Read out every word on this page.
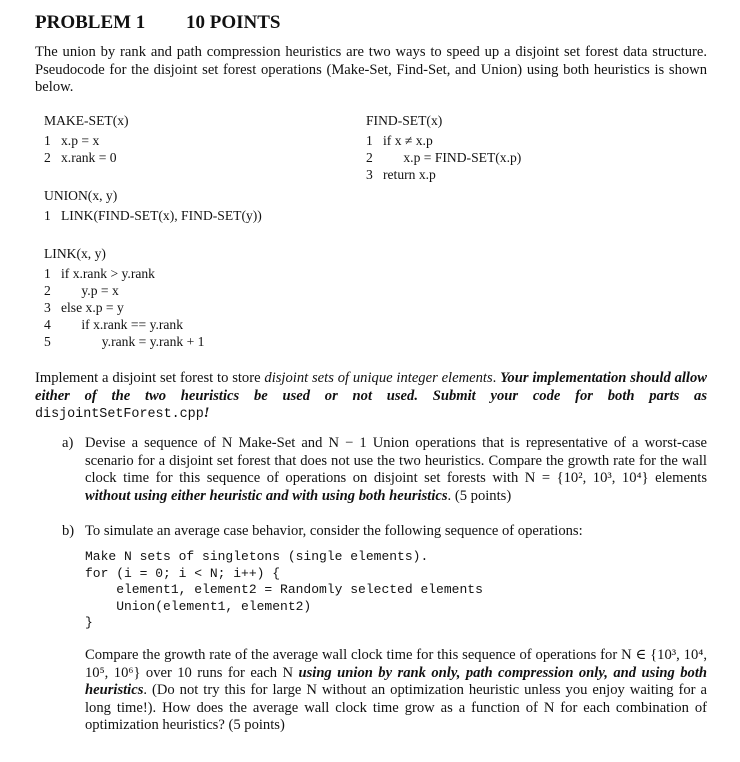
PROBLEM 1 10 POINTS
The union by rank and path compression heuristics are two ways to speed up a disjoint set forest data structure. Pseudocode for the disjoint set forest operations (Make-Set, Find-Set, and Union) using both heuristics is shown below.
MAKE-SET(x)
1   x.p = x
2   x.rank = 0
FIND-SET(x)
1   if x ≠ x.p
2         x.p = FIND-SET(x.p)
3   return x.p
UNION(x, y)
1   LINK(FIND-SET(x), FIND-SET(y))
LINK(x, y)
1   if x.rank > y.rank
2         y.p = x
3   else x.p = y
4         if x.rank == y.rank
5               y.rank = y.rank + 1
Implement a disjoint set forest to store disjoint sets of unique integer elements. Your implementation should allow either of the two heuristics be used or not used. Submit your code for both parts as disjointSetForest.cpp!
a) Devise a sequence of N Make-Set and N − 1 Union operations that is representative of a worst-case scenario for a disjoint set forest that does not use the two heuristics. Compare the growth rate for the wall clock time for this sequence of operations on disjoint set forests with N = {10², 10³, 10⁴} elements without using either heuristic and with using both heuristics. (5 points)
b) To simulate an average case behavior, consider the following sequence of operations:
Make N sets of singletons (single elements).
for (i = 0; i < N; i++) {
element1, element2 = Randomly selected elements
Union(element1, element2)
}
Compare the growth rate of the average wall clock time for this sequence of operations for N ∈ {10³, 10⁴, 10⁵, 10⁶} over 10 runs for each N using union by rank only, path compression only, and using both heuristics. (Do not try this for large N without an optimization heuristic unless you enjoy waiting for a long time!). How does the average wall clock time grow as a function of N for each combination of optimization heuristics? (5 points)
